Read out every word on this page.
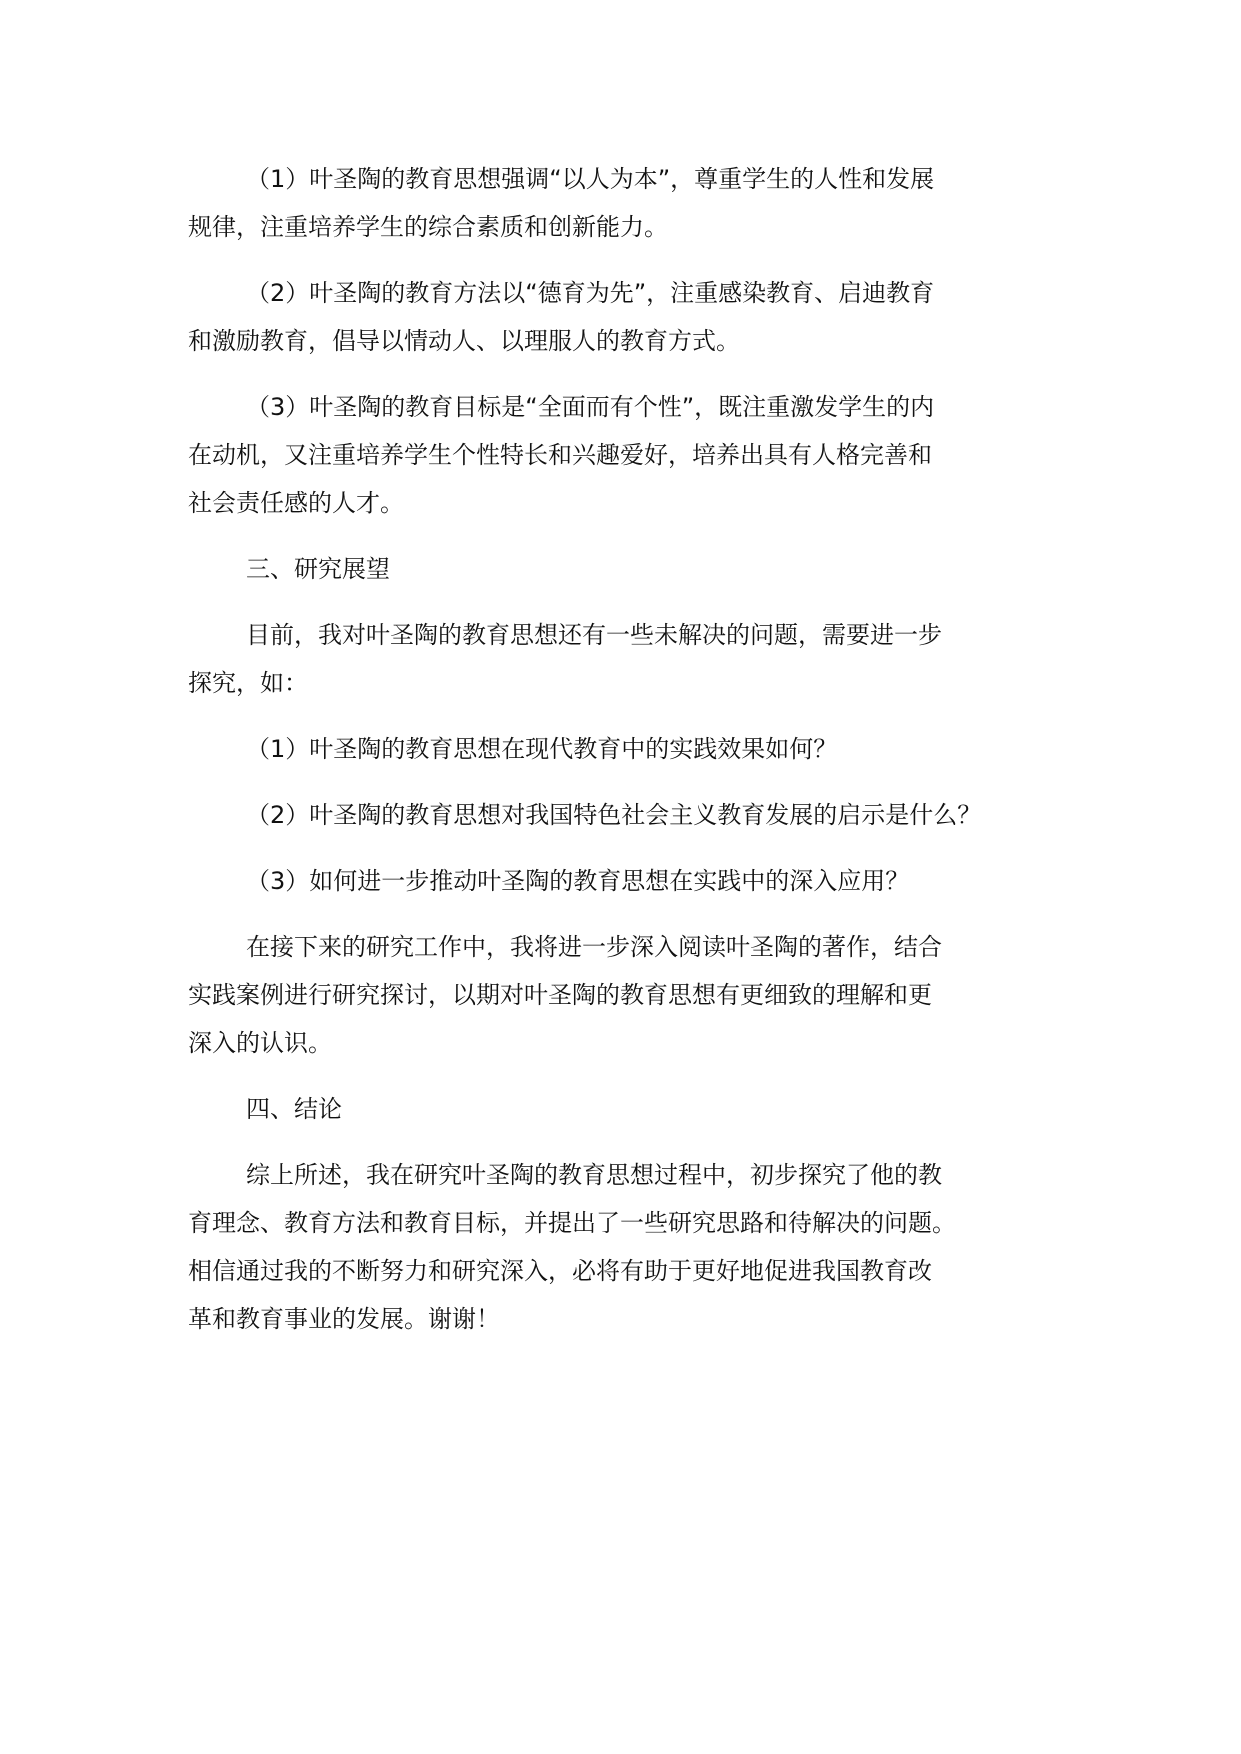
（1）叶圣陶的教育思想强调“以人为本”，尊重学生的人性和发展
规律，注重培养学生的综合素质和创新能力。

（2）叶圣陶的教育方法以“德育为先”，注重感染教育、启迪教育
和激励教育，倡导以情动人、以理服人的教育方式。

（3）叶圣陶的教育目标是“全面而有个性”，既注重激发学生的内
在动机，又注重培养学生个性特长和兴趣爱好，培养出具有人格完善和
社会责任感的人才。

三、研究展望

目前，我对叶圣陶的教育思想还有一些未解决的问题，需要进一步
探究，如：

（1）叶圣陶的教育思想在现代教育中的实践效果如何？

（2）叶圣陶的教育思想对我国特色社会主义教育发展的启示是什么？

（3）如何进一步推动叶圣陶的教育思想在实践中的深入应用？

在接下来的研究工作中，我将进一步深入阅读叶圣陶的著作，结合
实践案例进行研究探讨，以期对叶圣陶的教育思想有更细致的理解和更
深入的认识。

四、结论

综上所述，我在研究叶圣陶的教育思想过程中，初步探究了他的教
育理念、教育方法和教育目标，并提出了一些研究思路和待解决的问题。
相信通过我的不断努力和研究深入，必将有助于更好地促进我国教育改
革和教育事业的发展。谢谢！
